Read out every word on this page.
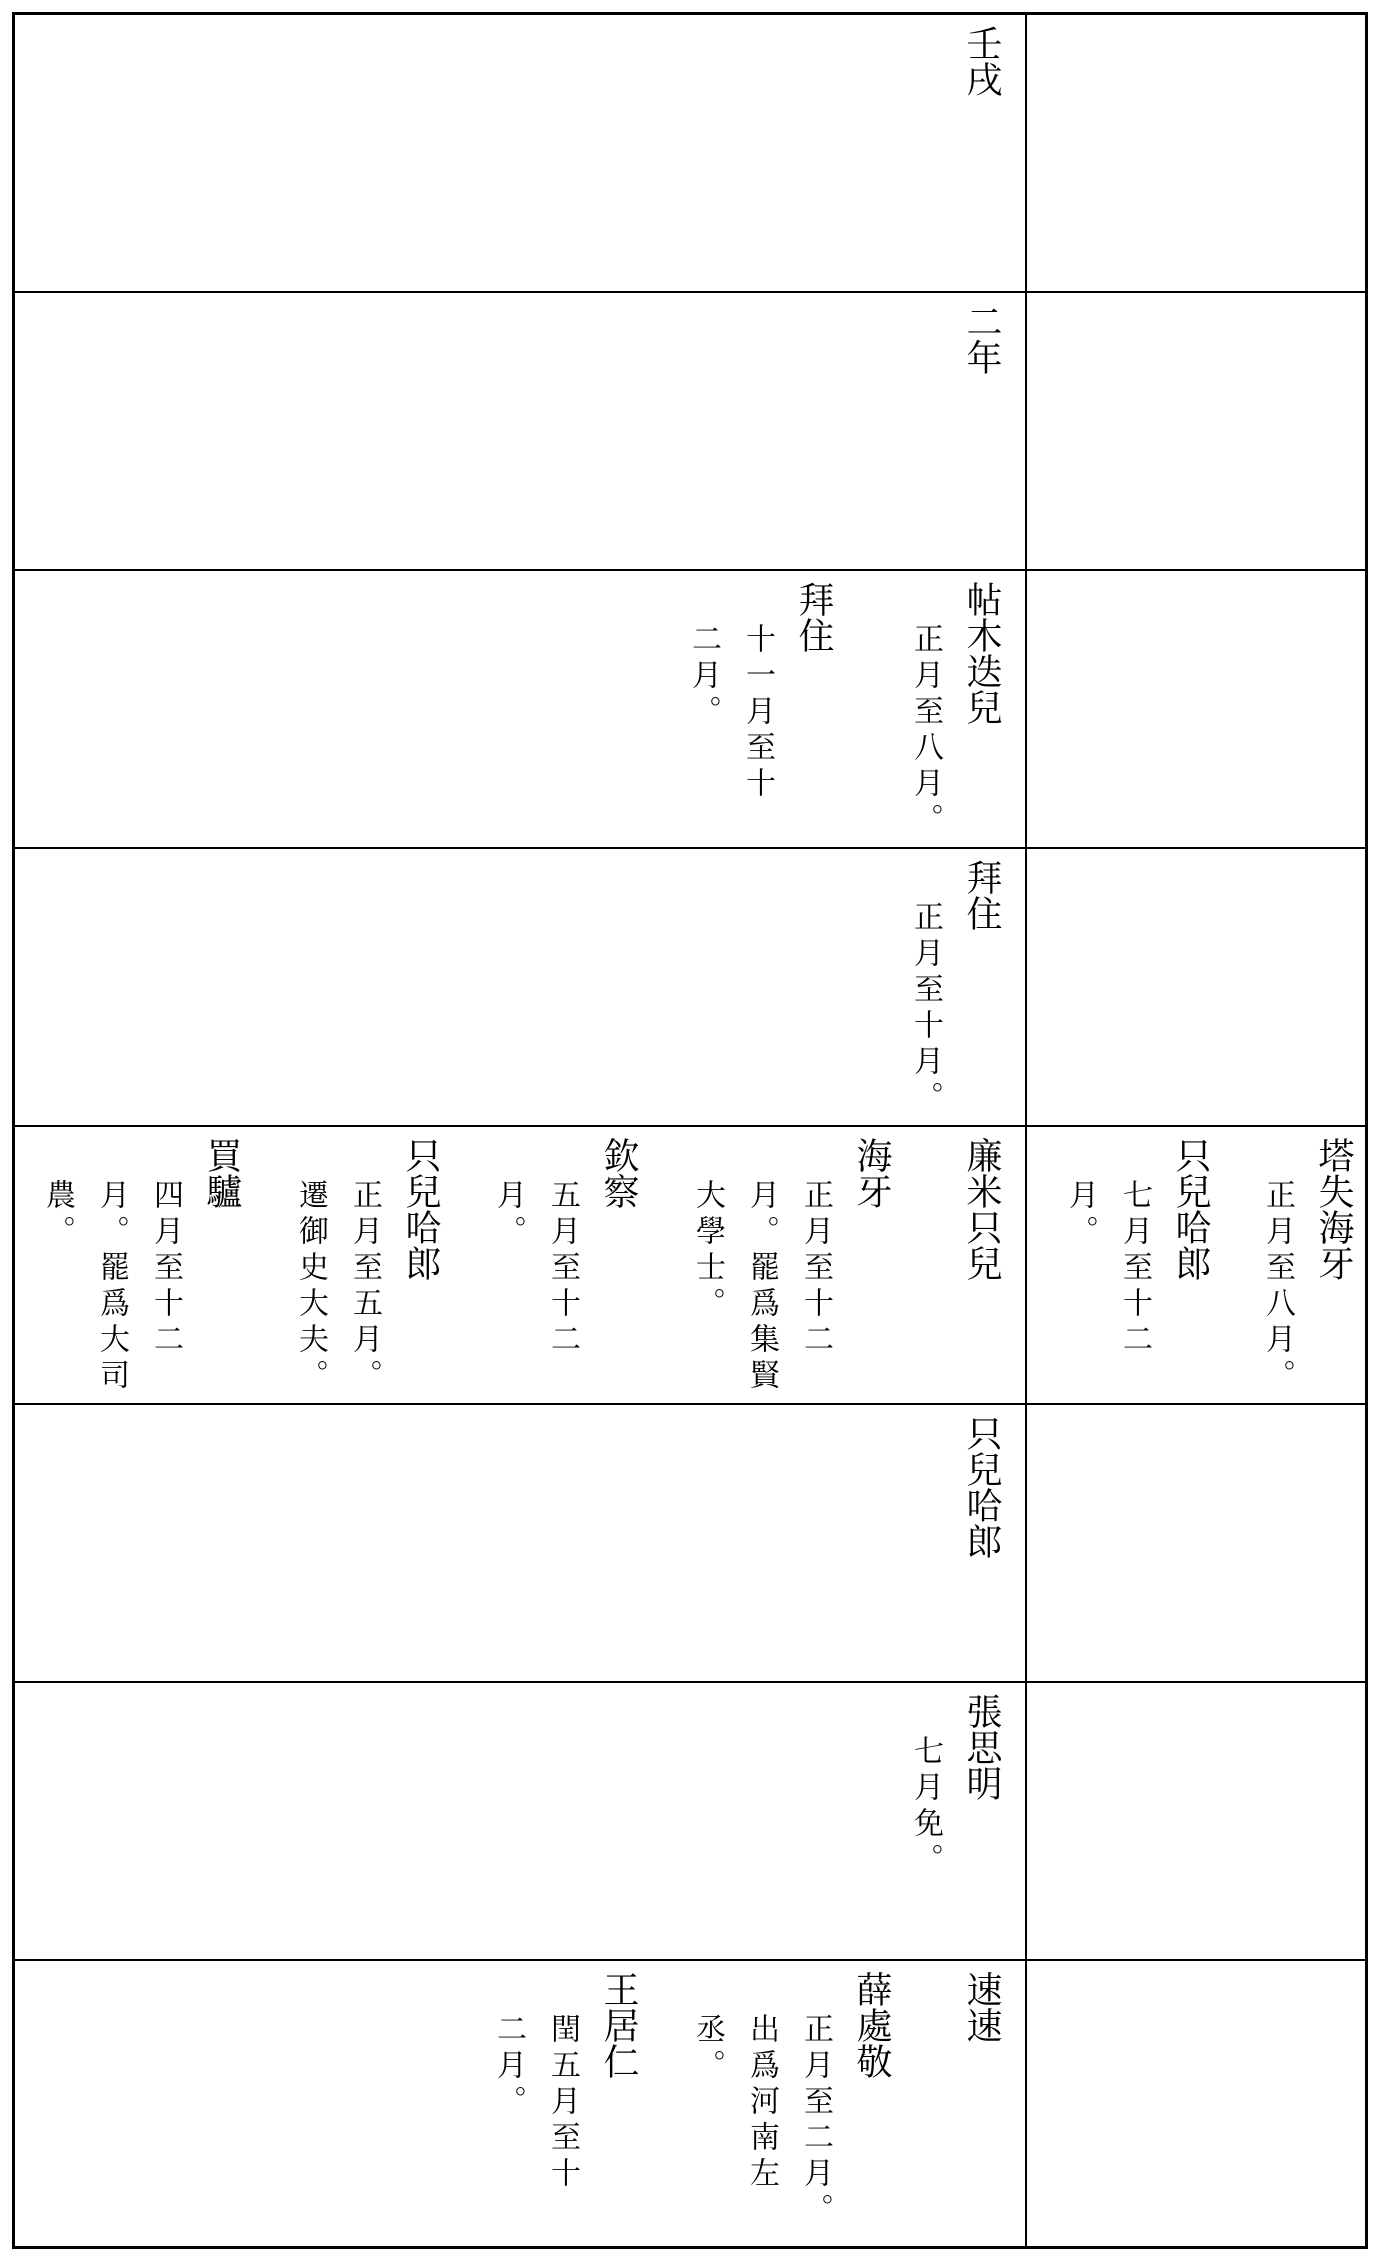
壬戌
二年
帖木迭兒
正月至八月。
拜住
十一月至十
二月。
拜住
正月至十月。
廉米只兒
海牙
正月至十二
月。罷爲集賢
大學士。
欽察
五月至十二
月。
只兒哈郎
正月至五月。
遷御史大夫。
買驢
四月至十二
月。罷爲大司
農。	塔失海牙
正月至八月。
只兒哈郎
七月至十二
月。
只兒哈郎
張思明
七月免。
速速
薛處敬
正月至二月。
出爲河南左
丞。
王居仁
閏五月至十
二月。
